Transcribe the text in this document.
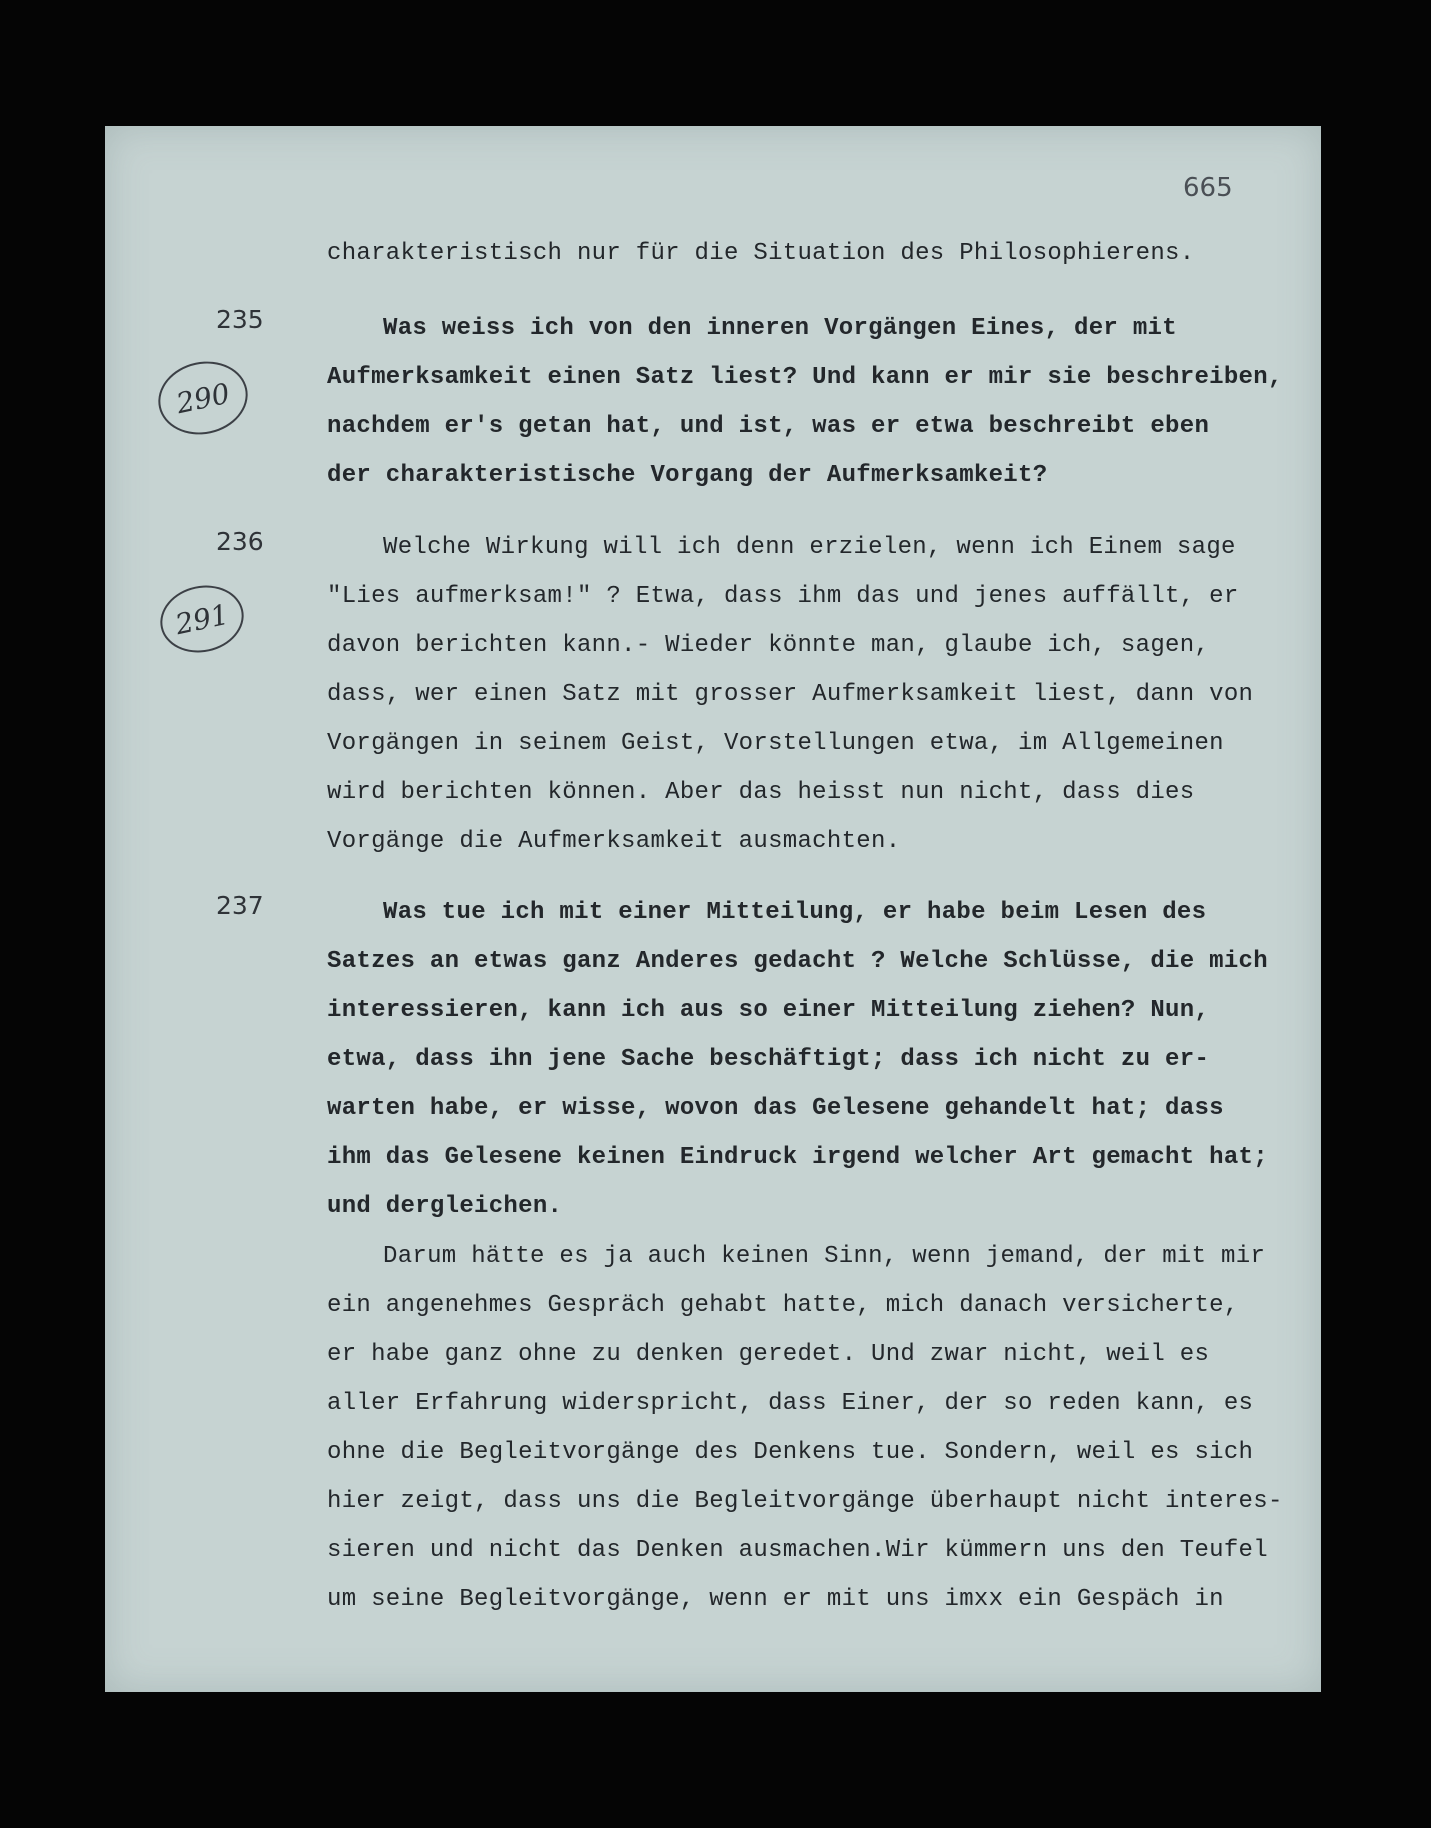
665
235
290
236
291
237
charakteristisch nur für die Situation des Philosophierens.
Was weiss ich von den inneren Vorgängen Eines, der mit
Aufmerksamkeit einen Satz liest? Und kann er mir sie beschreiben,
nachdem er's getan hat, und ist, was er etwa beschreibt eben
der charakteristische Vorgang der Aufmerksamkeit?
Welche Wirkung will ich denn erzielen, wenn ich Einem sage
"Lies aufmerksam!" ? Etwa, dass ihm das und jenes auffällt, er
davon berichten kann.- Wieder könnte man, glaube ich, sagen,
dass, wer einen Satz mit grosser Aufmerksamkeit liest, dann von
Vorgängen in seinem Geist, Vorstellungen etwa, im Allgemeinen
wird berichten können. Aber das heisst nun nicht, dass dies
Vorgänge die Aufmerksamkeit ausmachten.
Was tue ich mit einer Mitteilung, er habe beim Lesen des
Satzes an etwas ganz Anderes gedacht ? Welche Schlüsse, die mich
interessieren, kann ich aus so einer Mitteilung ziehen? Nun,
etwa, dass ihn jene Sache beschäftigt; dass ich nicht zu er-
warten habe, er wisse, wovon das Gelesene gehandelt hat; dass
ihm das Gelesene keinen Eindruck irgend welcher Art gemacht hat;
und dergleichen.
Darum hätte es ja auch keinen Sinn, wenn jemand, der mit mir
ein angenehmes Gespräch gehabt hatte, mich danach versicherte,
er habe ganz ohne zu denken geredet. Und zwar nicht, weil es
aller Erfahrung widerspricht, dass Einer, der so reden kann, es
ohne die Begleitvorgänge des Denkens tue. Sondern, weil es sich
hier zeigt, dass uns die Begleitvorgänge überhaupt nicht interes-
sieren und nicht das Denken ausmachen.Wir kümmern uns den Teufel
um seine Begleitvorgänge, wenn er mit uns imxx ein Gespäch in
